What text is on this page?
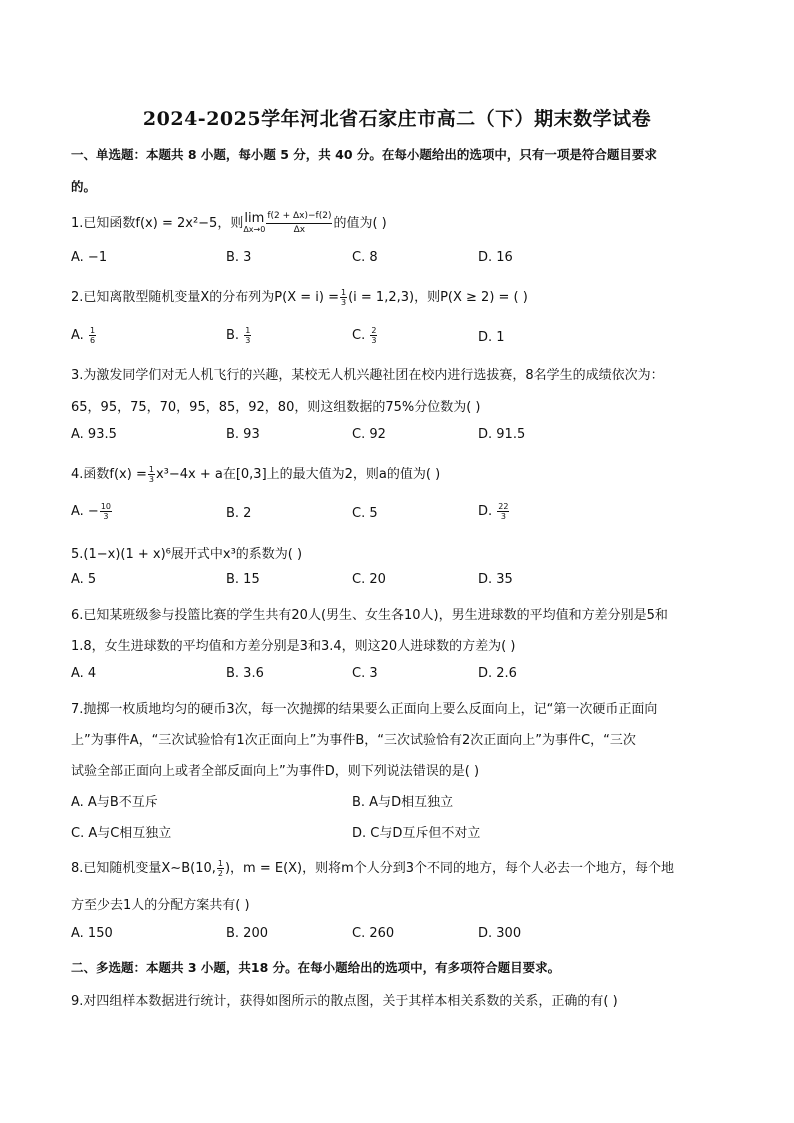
2024-2025学年河北省石家庄市高二（下）期末数学试卷
一、单选题：本题共 8 小题，每小题 5 分，共 40 分。在每小题给出的选项中，只有一项是符合题目要求
的。
1.已知函数f(x) = 2x²−5，则 lim
$\Delta x\to 0 \frac{f(2 + \Delta x)-f(2)}{\Delta x}$ 的值为( )
A. −1	B. 3	C. 8	D. 16
2.已知离散型随机变量X的分布列为$P(X = i) = \frac{1}{3} (i = 1,2,3)$，则P(X ≥ 2) = ( )
A. $\frac{1}{6}$	B. $\frac{1}{3}$	C. $\frac{2}{3}$	D. 1
3.为激发同学们对无人机飞行的兴趣，某校无人机兴趣社团在校内进行选拔赛，8名学生的成绩依次为：
65，95，75，70，95，85，92，80，则这组数据的75%分位数为( )
A. 93.5	B. 93	C. 92	D. 91.5
4.函数$f(x) = \frac{1}{3} x^3-4x + a$在[0,3]上的最大值为2，则a的值为( )
A. − $\frac{10}{3}$	B. 2	C. 5	D. $\frac{22}{3}$
5.(1−x)(1 + x)⁶展开式中x³的系数为( )
A. 5	B. 15	C. 20	D. 35
6.已知某班级参与投篮比赛的学生共有20人(男生、女生各10人)，男生进球数的平均值和方差分别是5和
1.8，女生进球数的平均值和方差分别是3和3.4，则这20人进球数的方差为( )
A. 4	B. 3.6	C. 3	D. 2.6
7.抛掷一枚质地均匀的硬币3次，每一次抛掷的结果要么正面向上要么反面向上，记“第一次硬币正面向
上”为事件A，“三次试验恰有1次正面向上”为事件B，“三次试验恰有2次正面向上”为事件C，“三次
试验全部正面向上或者全部反面向上”为事件D，则下列说法错误的是( )
A. A与B不互斥	B. A与D相互独立
C. A与C相互独立	D. C与D互斥但不对立
8.已知随机变量X∼B(10, $\frac{1}{2}$ )，m = E(X)，则将m个人分到3个不同的地方，每个人必去一个地方，每个地
方至少去1人的分配方案共有( )
A. 150	B. 200	C. 260	D. 300
二、多选题：本题共 3 小题，共18 分。在每小题给出的选项中，有多项符合题目要求。
9.对四组样本数据进行统计，获得如图所示的散点图，关于其样本相关系数的关系，正确的有( )
